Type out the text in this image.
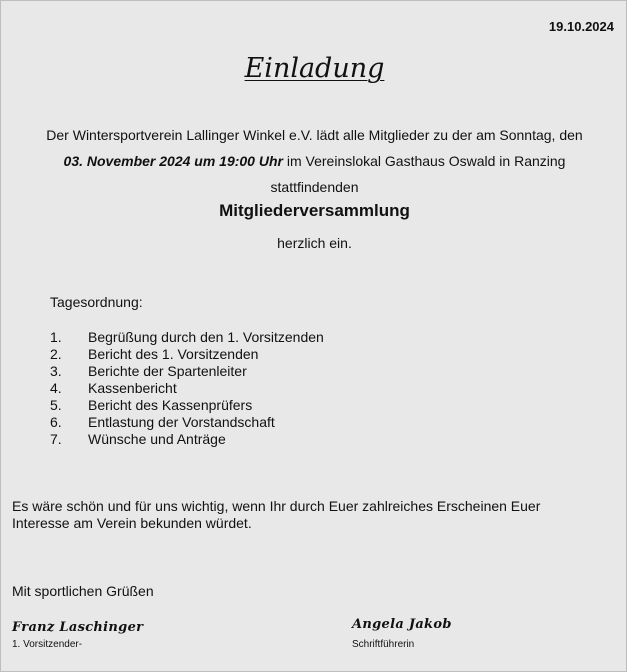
19.10.2024
Einladung
Der Wintersportverein Lallinger Winkel e.V. lädt alle Mitglieder zu der am Sonntag, den
03. November 2024 um 19:00 Uhr im Vereinslokal Gasthaus Oswald in Ranzing
stattfindenden
Mitgliederversammlung
herzlich ein.
Tagesordnung:
1.	Begrüßung durch den 1. Vorsitzenden
2.	Bericht des 1. Vorsitzenden
3.	Berichte der Spartenleiter
4.	Kassenbericht
5.	Bericht des Kassenprüfers
6.	Entlastung der Vorstandschaft
7.	Wünsche und Anträge
Es wäre schön und für uns wichtig, wenn Ihr durch Euer zahlreiches Erscheinen Euer
Interesse am Verein bekunden würdet.
Mit sportlichen Grüßen
Franz Laschinger
1. Vorsitzender-
Angela Jakob
Schriftführerin
